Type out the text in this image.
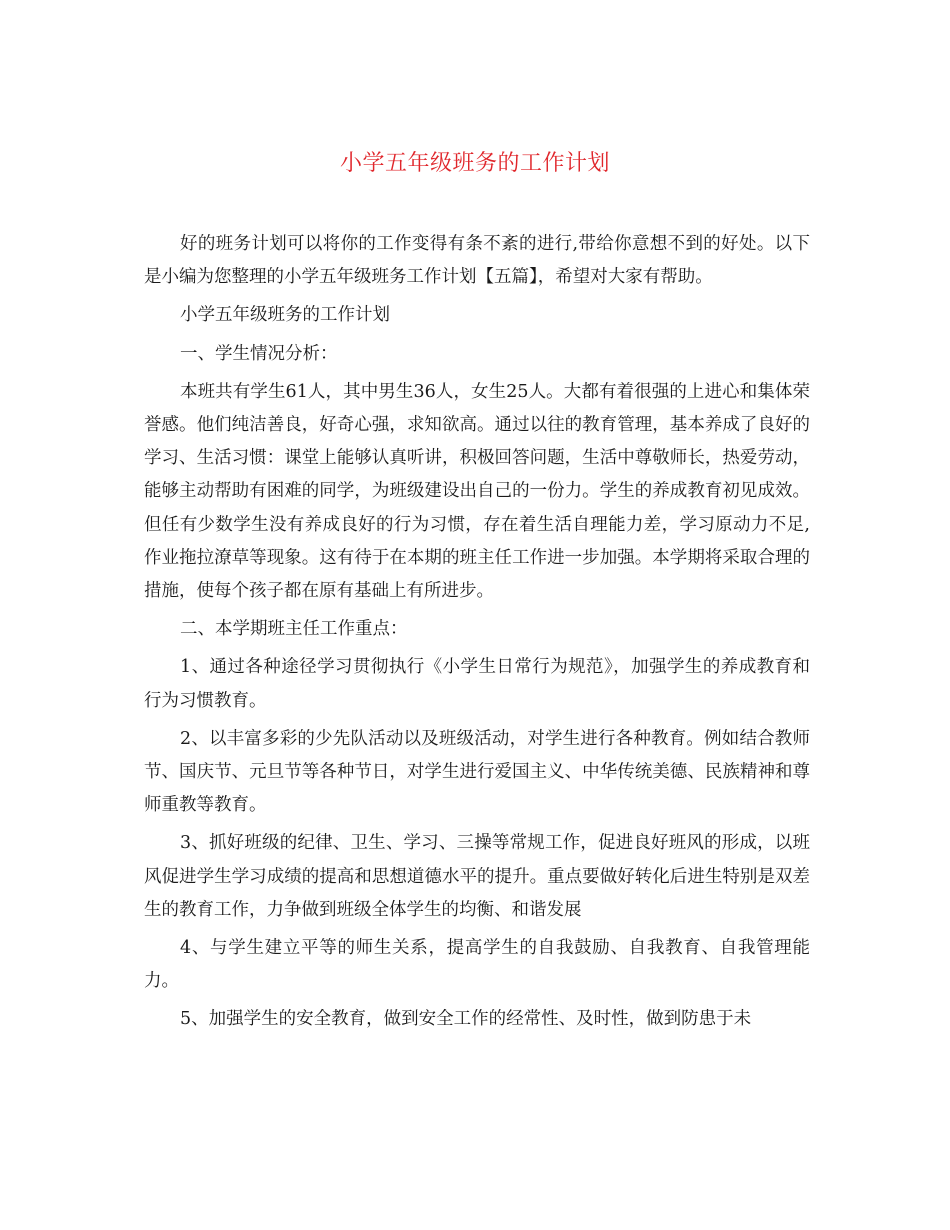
小学五年级班务的工作计划

好的班务计划可以将你的工作变得有条不紊的进行,带给你意想不到的好处。以下是小编为您整理的小学五年级班务工作计划【五篇】，希望对大家有帮助。

小学五年级班务的工作计划

一、学生情况分析：

本班共有学生61人，其中男生36人，女生25人。大都有着很强的上进心和集体荣誉感。他们纯洁善良，好奇心强，求知欲高。通过以往的教育管理，基本养成了良好的学习、生活习惯：课堂上能够认真听讲，积极回答问题，生活中尊敬师长，热爱劳动，能够主动帮助有困难的同学，为班级建设出自己的一份力。学生的养成教育初见成效。但任有少数学生没有养成良好的行为习惯，存在着生活自理能力差，学习原动力不足,作业拖拉潦草等现象。这有待于在本期的班主任工作进一步加强。本学期将采取合理的措施，使每个孩子都在原有基础上有所进步。

二、本学期班主任工作重点：

1、通过各种途径学习贯彻执行《小学生日常行为规范》，加强学生的养成教育和行为习惯教育。

2、以丰富多彩的少先队活动以及班级活动，对学生进行各种教育。例如结合教师节、国庆节、元旦节等各种节日，对学生进行爱国主义、中华传统美德、民族精神和尊师重教等教育。

3、抓好班级的纪律、卫生、学习、三操等常规工作，促进良好班风的形成，以班风促进学生学习成绩的提高和思想道德水平的提升。重点要做好转化后进生特别是双差生的教育工作，力争做到班级全体学生的均衡、和谐发展

4、与学生建立平等的师生关系，提高学生的自我鼓励、自我教育、自我管理能力。

5、加强学生的安全教育，做到安全工作的经常性、及时性，做到防患于未
